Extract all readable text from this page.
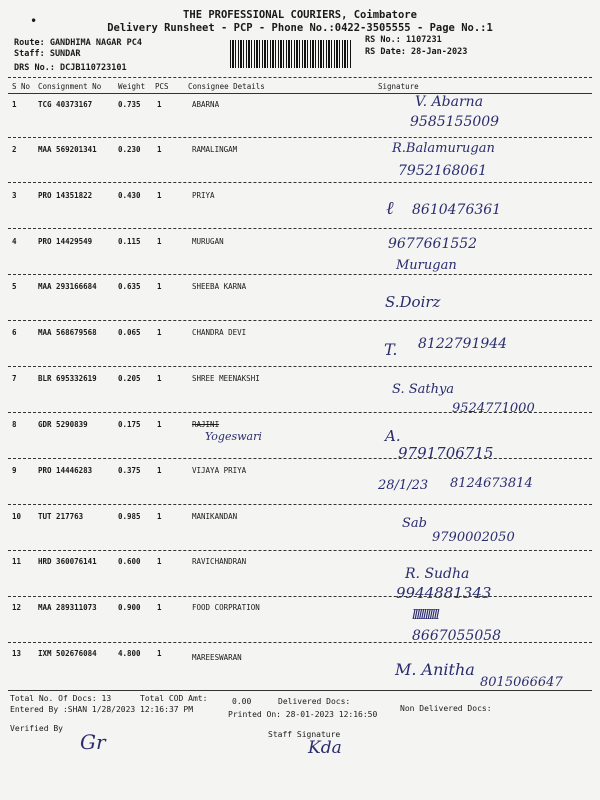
•	THE PROFESSIONAL COURIERS, Coimbatore
Delivery Runsheet - PCP - Phone No.:0422-3505555 - Page No.:1
Route: GANDHIMA NAGAR PC4
Staff: SUNDAR
DRS No.: DCJB110723101
RS No.: 1107231
RS Date: 28-Jan-2023
S No Consignment No Weight PCS	Consignee Details	Signature
1	TCG 40373167	0.735 1	ABARNA	V. Abarna
9585155009
2	MAA 569201341	0.230 1	RAMALINGAM	R.Balamurugan
7952168061
3	PRO 14351822	0.430 1	PRIYA
ℓ 8610476361
4	PRO 14429549	0.115 1	MURUGAN	9677661552
Murugan
5	MAA 293166684	0.635 1	SHEEBA KARNA
S.Doirz
6	MAA 568679568	0.065 1	CHANDRA DEVI
T. 8122791944
7	BLR 695332619	0.205 1	SHREE MEENAKSHI
S. Sathya
9524771000
8	GDR 5290839	0.175 1	RAJINI
Yogeswari	A.
9791706715
9	PRO 14446283	0.375 1	VIJAYA PRIYA
28/1/23 8124673814
10 TUT 217763	0.985 1	MANIKANDAN	Sab
9790002050
11 HRD 360076141	0.600 1	RAVICHANDRAN
R. Sudha
9944881343
12 MAA 289311073	0.900 1	FOOD CORPRATION
llllllllllll
8667055058
13 IXM 502676084	4.800 1	MAREESWARAN
M. Anitha
8015066647
Total No. Of Docs: 13	Total COD Amt:	0.00	Delivered Docs:
Non Delivered Docs:
Entered By :SHAN 1/28/2023 12:16:37 PM
Printed On: 28-01-2023 12:16:50
Verified By
Gr	Staff Signature
Kda
